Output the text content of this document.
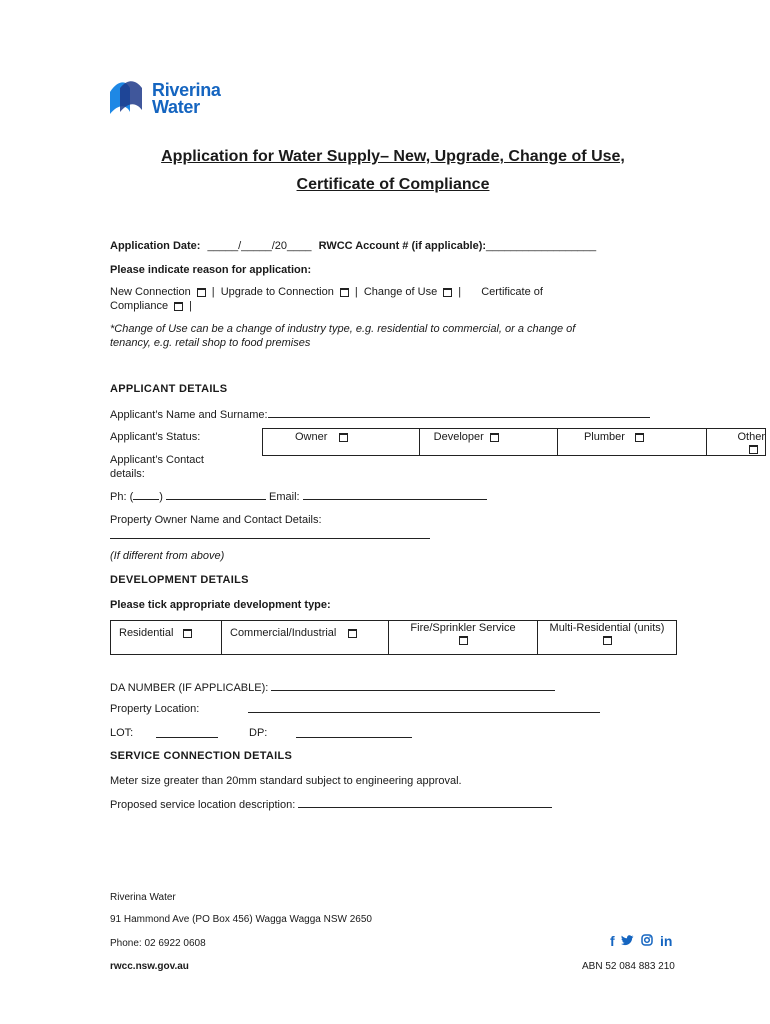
Riverina
Water
Application for Water Supply– New, Upgrade, Change of Use,
Certificate of Compliance
Application Date: _____/_____/20____ RWCC Account # (if applicable):__________________
Please indicate reason for application:
New Connection | Upgrade to Connection | Change of Use | Certificate of
Compliance |
*Change of Use can be a change of industry type, e.g. residential to commercial, or a change of
tenancy, e.g. retail shop to food premises
APPLICANT DETAILS
Applicant’s Name and Surname:
Applicant’s Status:	Owner	Developer	Plumber	Other
Applicant’s Contact
details:
Ph: ( )	Email:
Property Owner Name and Contact Details:
(If different from above)
DEVELOPMENT DETAILS
Please tick appropriate development type:
Residential	Commercial/Industrial	Fire/Sprinkler Service	Multi-Residential (units)
DA NUMBER (IF APPLICABLE):
Property Location:
LOT:	DP:
SERVICE CONNECTION DETAILS
Meter size greater than 20mm standard subject to engineering approval.
Proposed service location description:
Riverina Water
91 Hammond Ave (PO Box 456) Wagga Wagga NSW 2650
Phone: 02 6922 0608
rwcc.nsw.gov.au
f	in
ABN 52 084 883 210
